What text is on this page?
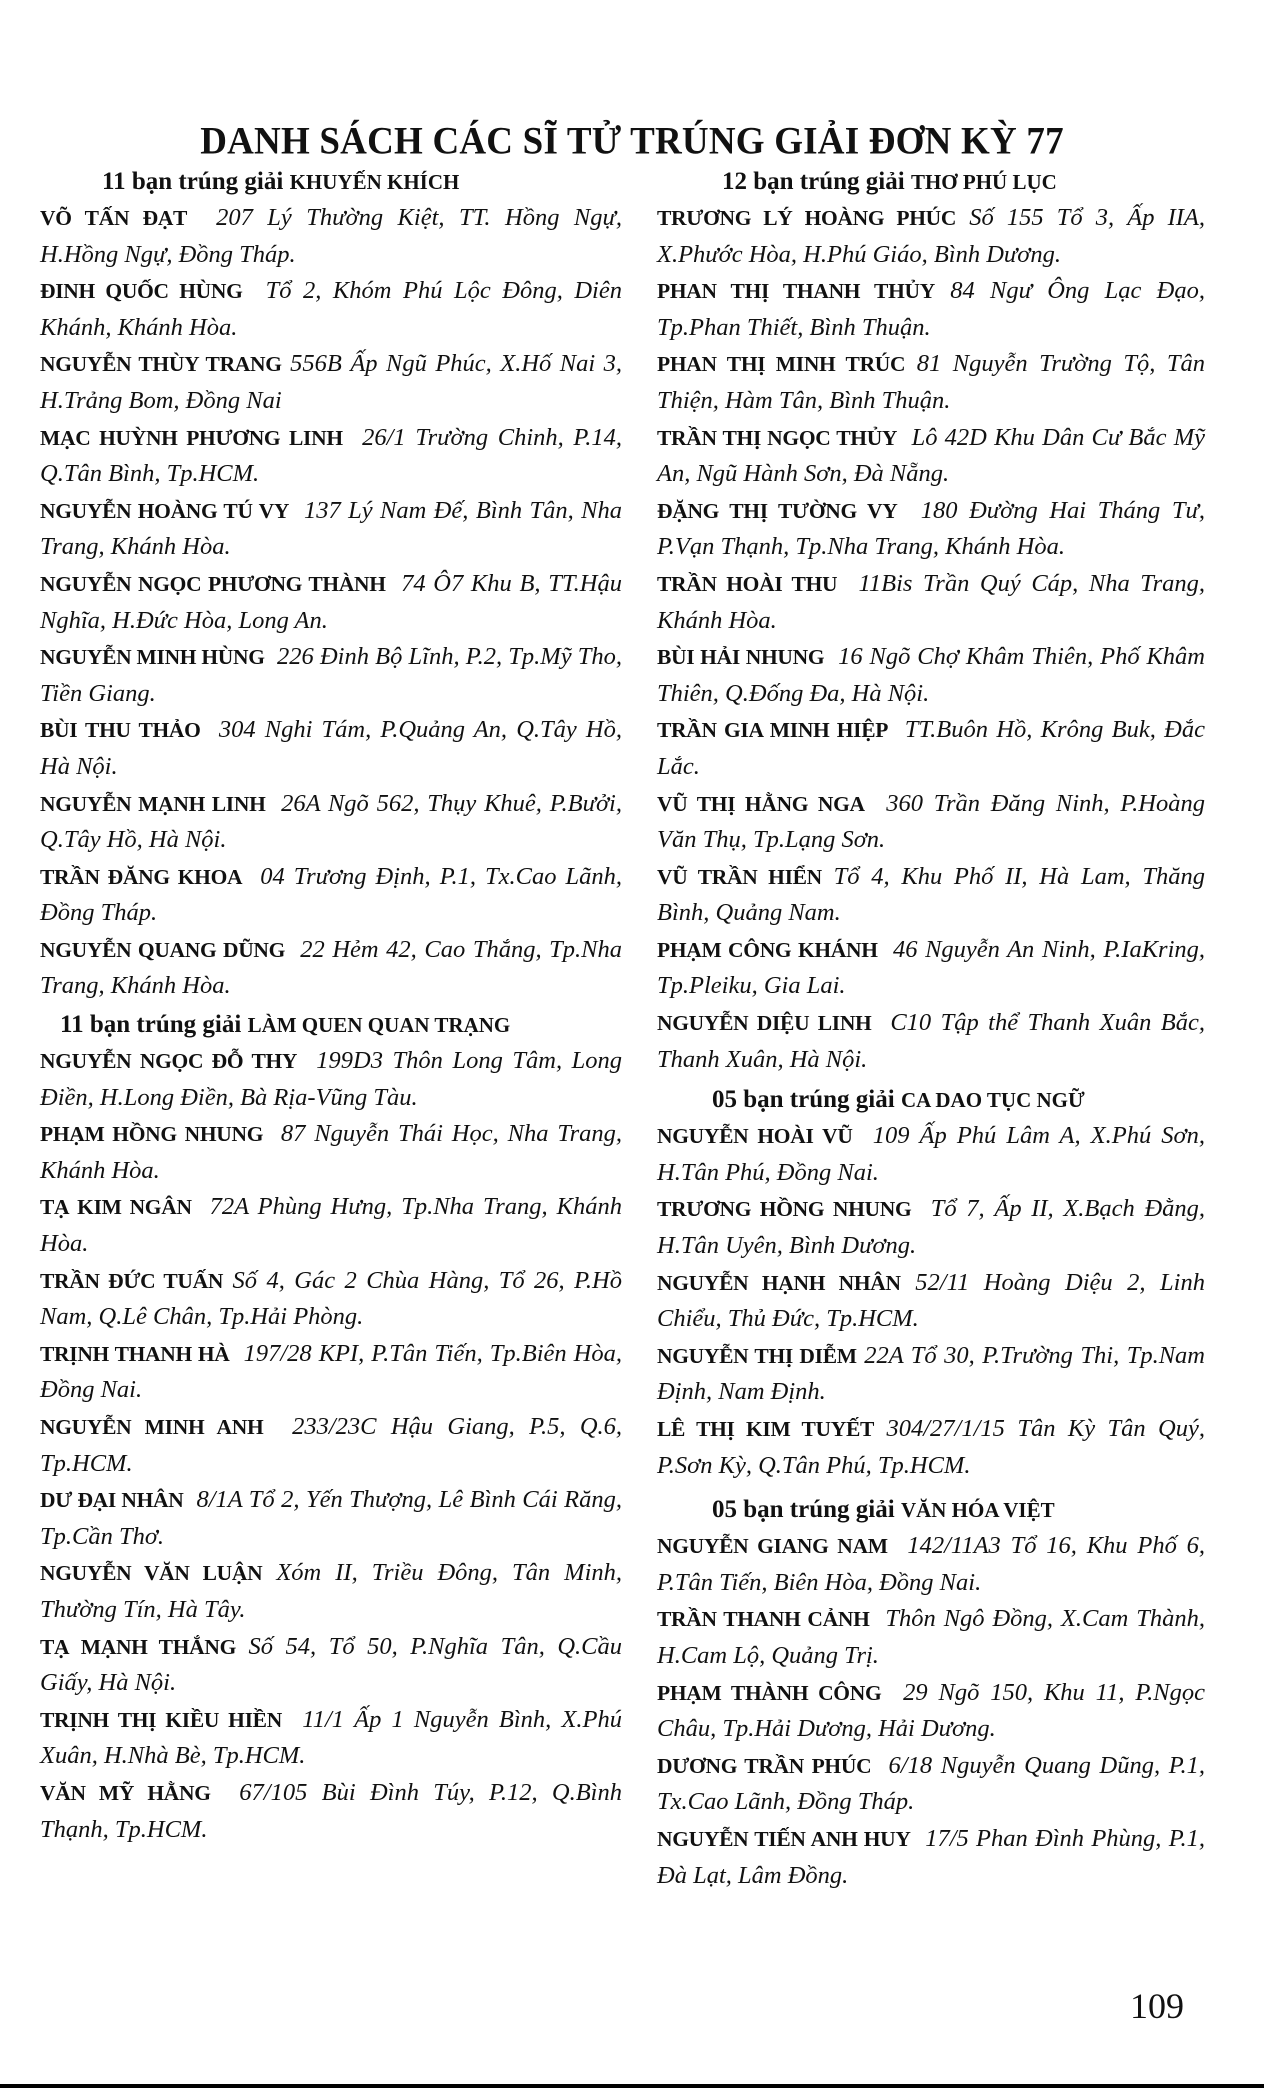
DANH SÁCH CÁC SĨ TỬ TRÚNG GIẢI ĐƠN KỲ 77
11 bạn trúng giải KHUYẾN KHÍCH
VÕ TẤN ĐẠT 207 Lý Thường Kiệt, TT. Hồng Ngự, H.Hồng Ngự, Đồng Tháp.
ĐINH QUỐC HÙNG Tổ 2, Khóm Phú Lộc Đông, Diên Khánh, Khánh Hòa.
NGUYỄN THÙY TRANG 556B Ấp Ngũ Phúc, X.Hố Nai 3, H.Trảng Bom, Đồng Nai
MẠC HUỲNH PHƯƠNG LINH 26/1 Trường Chinh, P.14, Q.Tân Bình, Tp.HCM.
NGUYỄN HOÀNG TÚ VY 137 Lý Nam Đế, Bình Tân, Nha Trang, Khánh Hòa.
NGUYỄN NGỌC PHƯƠNG THÀNH 74 Ô7 Khu B, TT.Hậu Nghĩa, H.Đức Hòa, Long An.
NGUYỄN MINH HÙNG 226 Đinh Bộ Lĩnh, P.2, Tp.Mỹ Tho, Tiền Giang.
BÙI THU THẢO 304 Nghi Tám, P.Quảng An, Q.Tây Hồ, Hà Nội.
NGUYỄN MẠNH LINH 26A Ngõ 562, Thụy Khuê, P.Bưởi, Q.Tây Hồ, Hà Nội.
TRẦN ĐĂNG KHOA 04 Trương Định, P.1, Tx.Cao Lãnh, Đồng Tháp.
NGUYỄN QUANG DŨNG 22 Hẻm 42, Cao Thắng, Tp.Nha Trang, Khánh Hòa.
11 bạn trúng giải LÀM QUEN QUAN TRẠNG
NGUYỄN NGỌC ĐỖ THY 199D3 Thôn Long Tâm, Long Điền, H.Long Điền, Bà Rịa-Vũng Tàu.
PHẠM HỒNG NHUNG 87 Nguyễn Thái Học, Nha Trang, Khánh Hòa.
TẠ KIM NGÂN 72A Phùng Hưng, Tp.Nha Trang, Khánh Hòa.
TRẦN ĐỨC TUẤN Số 4, Gác 2 Chùa Hàng, Tổ 26, P.Hồ Nam, Q.Lê Chân, Tp.Hải Phòng.
TRỊNH THANH HÀ 197/28 KPI, P.Tân Tiến, Tp.Biên Hòa, Đồng Nai.
NGUYỄN MINH ANH 233/23C Hậu Giang, P.5, Q.6, Tp.HCM.
DƯ ĐẠI NHÂN 8/1A Tổ 2, Yến Thượng, Lê Bình Cái Răng, Tp.Cần Thơ.
NGUYỄN VĂN LUẬN Xóm II, Triều Đông, Tân Minh, Thường Tín, Hà Tây.
TẠ MẠNH THẮNG Số 54, Tổ 50, P.Nghĩa Tân, Q.Cầu Giấy, Hà Nội.
TRỊNH THỊ KIỀU HIỀN 11/1 Ấp 1 Nguyễn Bình, X.Phú Xuân, H.Nhà Bè, Tp.HCM.
VĂN MỸ HẰNG 67/105 Bùi Đình Túy, P.12, Q.Bình Thạnh, Tp.HCM.
12 bạn trúng giải THƠ PHÚ LỤC
TRƯƠNG LÝ HOÀNG PHÚC Số 155 Tổ 3, Ấp IIA, X.Phước Hòa, H.Phú Giáo, Bình Dương.
PHAN THỊ THANH THỦY 84 Ngư Ông Lạc Đạo, Tp.Phan Thiết, Bình Thuận.
PHAN THỊ MINH TRÚC 81 Nguyễn Trường Tộ, Tân Thiện, Hàm Tân, Bình Thuận.
TRẦN THỊ NGỌC THỦY Lô 42D Khu Dân Cư Bắc Mỹ An, Ngũ Hành Sơn, Đà Nẵng.
ĐẶNG THỊ TƯỜNG VY 180 Đường Hai Tháng Tư, P.Vạn Thạnh, Tp.Nha Trang, Khánh Hòa.
TRẦN HOÀI THU 11Bis Trần Quý Cáp, Nha Trang, Khánh Hòa.
BÙI HẢI NHUNG 16 Ngõ Chợ Khâm Thiên, Phố Khâm Thiên, Q.Đống Đa, Hà Nội.
TRẦN GIA MINH HIỆP TT.Buôn Hồ, Krông Buk, Đắc Lắc.
VŨ THỊ HẰNG NGA 360 Trần Đăng Ninh, P.Hoàng Văn Thụ, Tp.Lạng Sơn.
VŨ TRẦN HIỂN Tổ 4, Khu Phố II, Hà Lam, Thăng Bình, Quảng Nam.
PHẠM CÔNG KHÁNH 46 Nguyễn An Ninh, P.IaKring, Tp.Pleiku, Gia Lai.
NGUYỄN DIỆU LINH C10 Tập thể Thanh Xuân Bắc, Thanh Xuân, Hà Nội.
05 bạn trúng giải CA DAO TỤC NGỮ
NGUYỄN HOÀI VŨ 109 Ấp Phú Lâm A, X.Phú Sơn, H.Tân Phú, Đồng Nai.
TRƯƠNG HỒNG NHUNG Tổ 7, Ấp II, X.Bạch Đằng, H.Tân Uyên, Bình Dương.
NGUYỄN HẠNH NHÂN 52/11 Hoàng Diệu 2, Linh Chiểu, Thủ Đức, Tp.HCM.
NGUYỄN THỊ DIỄM 22A Tổ 30, P.Trường Thi, Tp.Nam Định, Nam Định.
LÊ THỊ KIM TUYẾT 304/27/1/15 Tân Kỳ Tân Quý, P.Sơn Kỳ, Q.Tân Phú, Tp.HCM.
05 bạn trúng giải VĂN HÓA VIỆT
NGUYỄN GIANG NAM 142/11A3 Tổ 16, Khu Phố 6, P.Tân Tiến, Biên Hòa, Đồng Nai.
TRẦN THANH CẢNH Thôn Ngô Đồng, X.Cam Thành, H.Cam Lộ, Quảng Trị.
PHẠM THÀNH CÔNG 29 Ngõ 150, Khu 11, P.Ngọc Châu, Tp.Hải Dương, Hải Dương.
DƯƠNG TRẦN PHÚC 6/18 Nguyễn Quang Dũng, P.1, Tx.Cao Lãnh, Đồng Tháp.
NGUYỄN TIẾN ANH HUY 17/5 Phan Đình Phùng, P.1, Đà Lạt, Lâm Đồng.
109
